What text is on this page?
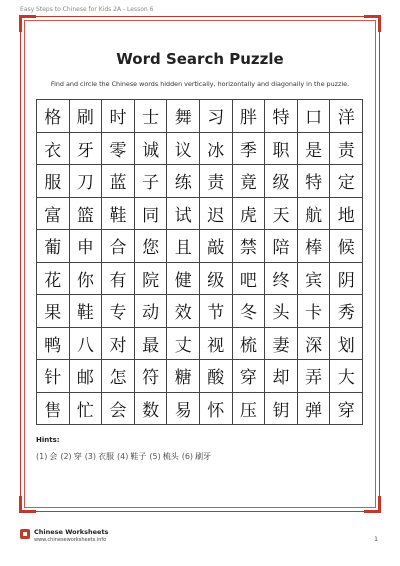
Easy Steps to Chinese for Kids 2A - Lesson 6
Word Search Puzzle
Find and circle the Chinese words hidden vertically, horizontally and diagonally in the puzzle.
格 刷 时 士 舞 习 胖 特 口 洋
衣 牙 零 诚 议 冰 季 职 是 责
服 刀 蓝 子 练 责 竟 级 特 定
富 篮 鞋 同 试 迟 虎 天 航 地
葡 申 合 您 且 敲 禁 陪 棒 候
花 你 有 院 健 级 吧 终 宾 阴
果 鞋 专 动 效 节 冬 头 卡 秀
鸭 八 对 最 丈 视 梳 妻 深 划
针 邮 怎 符 糖 酸 穿 却 弄 大
售 忙 会 数 易 怀 压 钥 弹 穿
Hints:
(1) 会 (2) 穿 (3) 衣服 (4) 鞋子 (5) 梳头 (6) 刷牙
Chinese Worksheets
www.chineseworksheets.info	1
